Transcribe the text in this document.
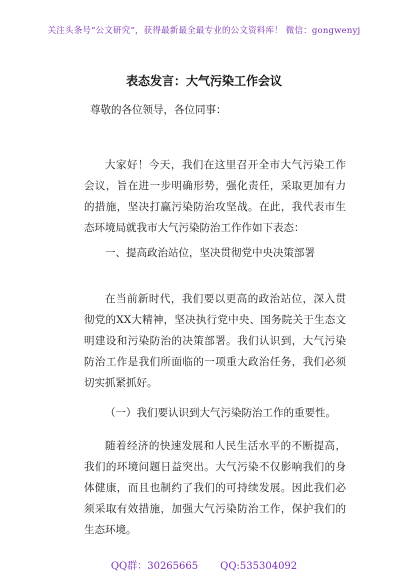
关注头条号“公文研究”，获得最新最全最专业的公文资料库！ 微信：gongwenyj
表态发言：大气污染工作会议
尊敬的各位领导，各位同事：
大家好！今天，我们在这里召开全市大气污染工作会议，旨在进一步明确形势，强化责任，采取更加有力的措施，坚决打赢污染防治攻坚战。在此，我代表市生态环境局就我市大气污染防治工作作如下表态：
一、提高政治站位，坚决贯彻党中央决策部署
在当前新时代，我们要以更高的政治站位，深入贯彻党的XX大精神，坚决执行党中央、国务院关于生态文明建设和污染防治的决策部署。我们认识到，大气污染防治工作是我们所面临的一项重大政治任务，我们必须切实抓紧抓好。
（一）我们要认识到大气污染防治工作的重要性。
随着经济的快速发展和人民生活水平的不断提高，我们的环境问题日益突出。大气污染不仅影响我们的身体健康，而且也制约了我们的可持续发展。因此我们必须采取有效措施，加强大气污染防治工作，保护我们的生态环境。
QQ群：30265665 QQ:535304092
